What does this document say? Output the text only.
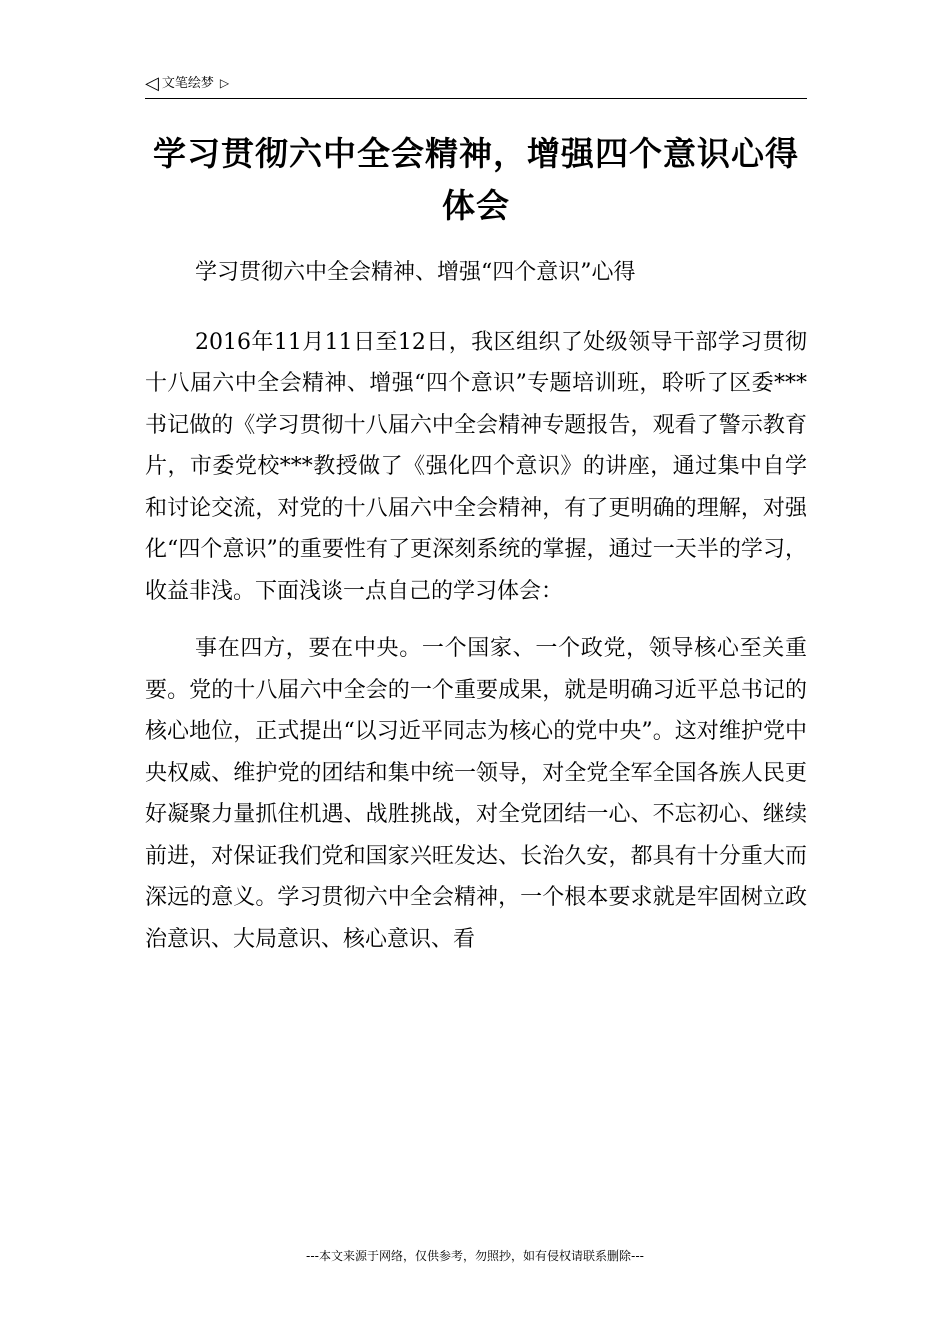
◁ 文笔绘梦 ▷
学习贯彻六中全会精神，增强四个意识心得体会

学习贯彻六中全会精神、增强“四个意识”心得

2016年11月11日至12日，我区组织了处级领导干部学习贯彻十八届六中全会精神、增强“四个意识”专题培训班，聆听了区委***书记做的《学习贯彻十八届六中全会精神专题报告，观看了警示教育片，市委党校***教授做了《强化四个意识》的讲座，通过集中自学和讨论交流，对党的十八届六中全会精神，有了更明确的理解，对强化“四个意识”的重要性有了更深刻系统的掌握，通过一天半的学习，收益非浅。下面浅谈一点自己的学习体会：

事在四方，要在中央。一个国家、一个政党，领导核心至关重要。党的十八届六中全会的一个重要成果，就是明确习近平总书记的核心地位，正式提出“以习近平同志为核心的党中央”。这对维护党中央权威、维护党的团结和集中统一领导，对全党全军全国各族人民更好凝聚力量抓住机遇、战胜挑战，对全党团结一心、不忘初心、继续前进，对保证我们党和国家兴旺发达、长治久安，都具有十分重大而深远的意义。学习贯彻六中全会精神，一个根本要求就是牢固树立政治意识、大局意识、核心意识、看

---本文来源于网络，仅供参考，勿照抄，如有侵权请联系删除---
